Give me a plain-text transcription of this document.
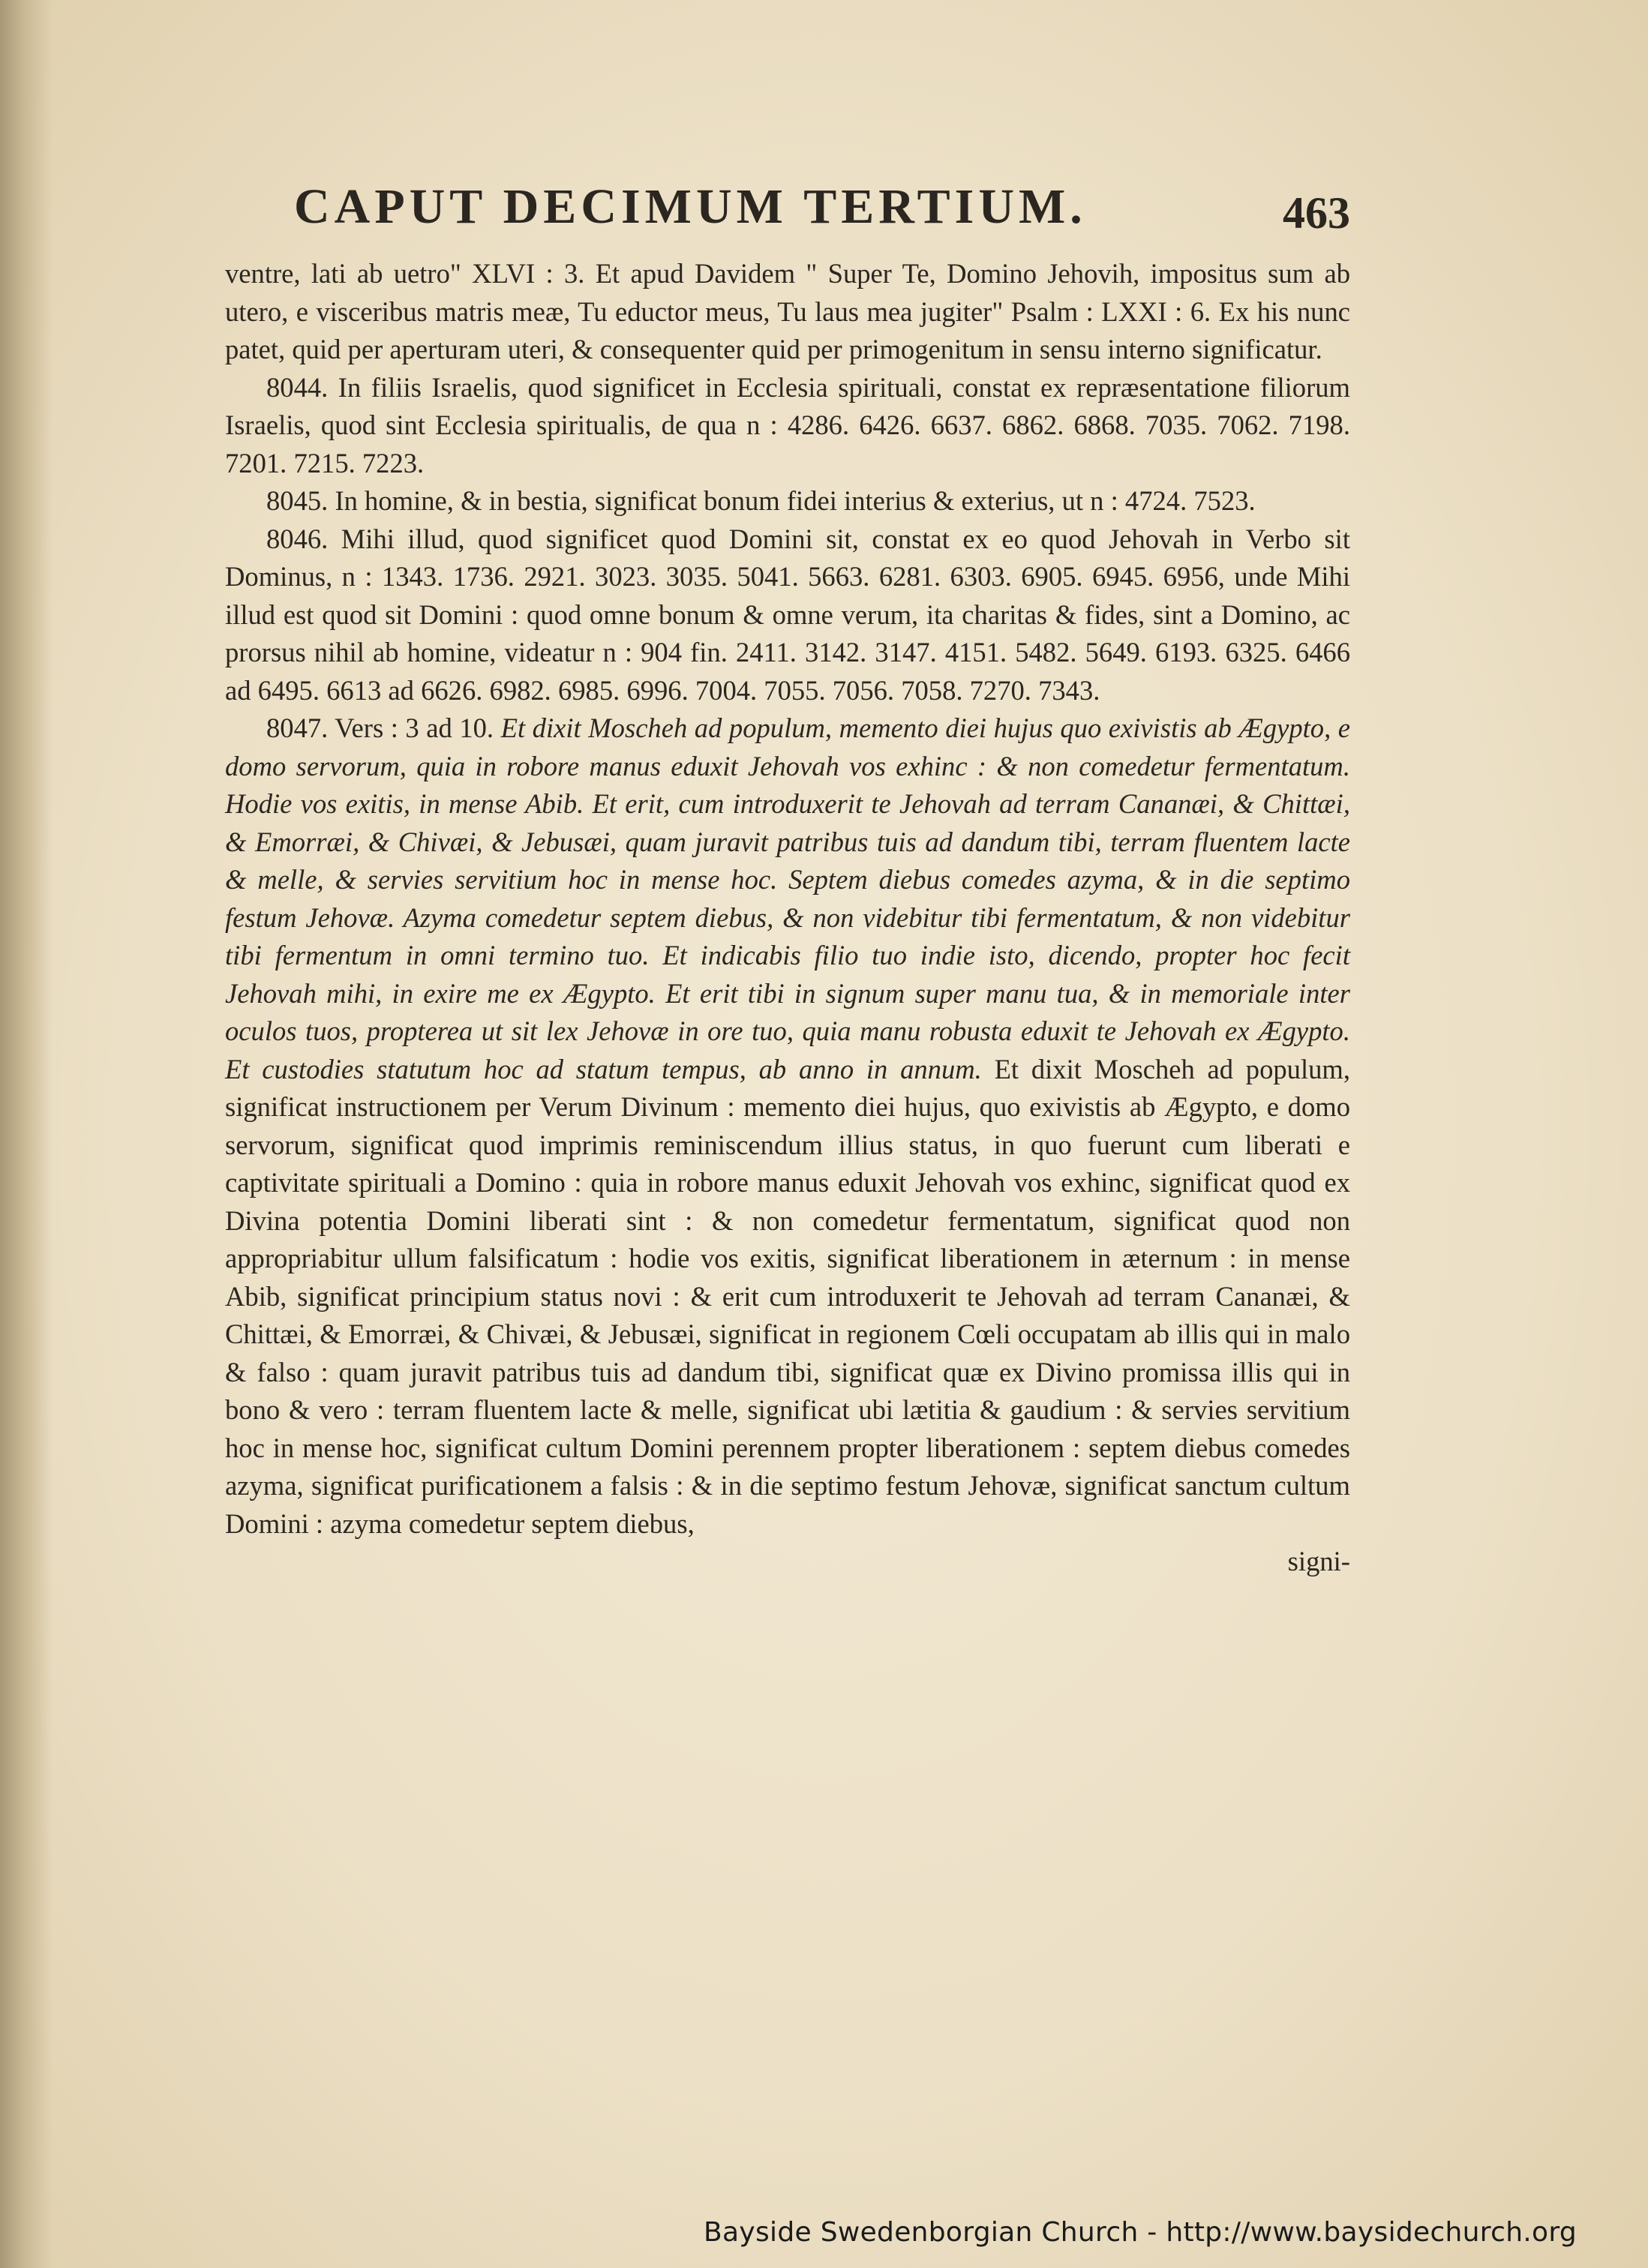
CAPUT DECIMUM TERTIUM.	463

ventre, lati ab uetro" XLVI : 3. Et apud Davidem " Super Te, Domino Jehovih, impositus sum ab utero, e visceribus matris meæ, Tu eductor meus, Tu laus mea jugiter" Psalm : LXXI : 6. Ex his nunc patet, quid per aperturam uteri, & consequenter quid per primogenitum in sensu interno significatur.

8044. In filiis Israelis, quod significet in Ecclesia spirituali, constat ex repræsentatione filiorum Israelis, quod sint Ecclesia spiritualis, de qua n : 4286. 6426. 6637. 6862. 6868. 7035. 7062. 7198. 7201. 7215. 7223.

8045. In homine, & in bestia, significat bonum fidei interius & exterius, ut n : 4724. 7523.

8046. Mihi illud, quod significet quod Domini sit, constat ex eo quod Jehovah in Verbo sit Dominus, n : 1343. 1736. 2921. 3023. 3035. 5041. 5663. 6281. 6303. 6905. 6945. 6956, unde Mihi illud est quod sit Domini : quod omne bonum & omne verum, ita charitas & fides, sint a Domino, ac prorsus nihil ab homine, videatur n : 904 fin. 2411. 3142. 3147. 4151. 5482. 5649. 6193. 6325. 6466 ad 6495. 6613 ad 6626. 6982. 6985. 6996. 7004. 7055. 7056. 7058. 7270. 7343.

8047. Vers : 3 ad 10. Et dixit Moscheh ad populum, memento diei hujus quo exivistis ab Ægypto, e domo servorum, quia in robore manus eduxit Jehovah vos exhinc : & non comedetur fermentatum. Hodie vos exitis, in mense Abib. Et erit, cum introduxerit te Jehovah ad terram Cananæi, & Chittæi, & Emorræi, & Chivæi, & Jebusæi, quam juravit patribus tuis ad dandum tibi, terram fluentem lacte & melle, & servies servitium hoc in mense hoc. Septem diebus comedes azyma, & in die septimo festum Jehovæ. Azyma comedetur septem diebus, & non videbitur tibi fermentatum, & non videbitur tibi fermentum in omni termino tuo. Et indicabis filio tuo indie isto, dicendo, propter hoc fecit Jehovah mihi, in exire me ex Ægypto. Et erit tibi in signum super manu tua, & in memoriale inter oculos tuos, propterea ut sit lex Jehovæ in ore tuo, quia manu robusta eduxit te Jehovah ex Ægypto. Et custodies statutum hoc ad statum tempus, ab anno in annum. Et dixit Moscheh ad populum, significat instructionem per Verum Divinum : memento diei hujus, quo exivistis ab Ægypto, e domo servorum, significat quod imprimis reminiscendum illius status, in quo fuerunt cum liberati e captivitate spirituali a Domino : quia in robore manus eduxit Jehovah vos exhinc, significat quod ex Divina potentia Domini liberati sint : & non comedetur fermentatum, significat quod non appropriabitur ullum falsificatum : hodie vos exitis, significat liberationem in æternum : in mense Abib, significat principium status novi : & erit cum introduxerit te Jehovah ad terram Cananæi, & Chittæi, & Emorræi, & Chivæi, & Jebusæi, significat in regionem Cœli occupatam ab illis qui in malo & falso : quam juravit patribus tuis ad dandum tibi, significat quæ ex Divino promissa illis qui in bono & vero : terram fluentem lacte & melle, significat ubi lætitia & gaudium : & servies servitium hoc in mense hoc, significat cultum Domini perennem propter liberationem : septem diebus comedes azyma, significat purificationem a falsis : & in die septimo festum Jehovæ, significat sanctum cultum Domini : azyma comedetur septem diebus,

signi-
Bayside Swedenborgian Church - http://www.baysidechurch.org
